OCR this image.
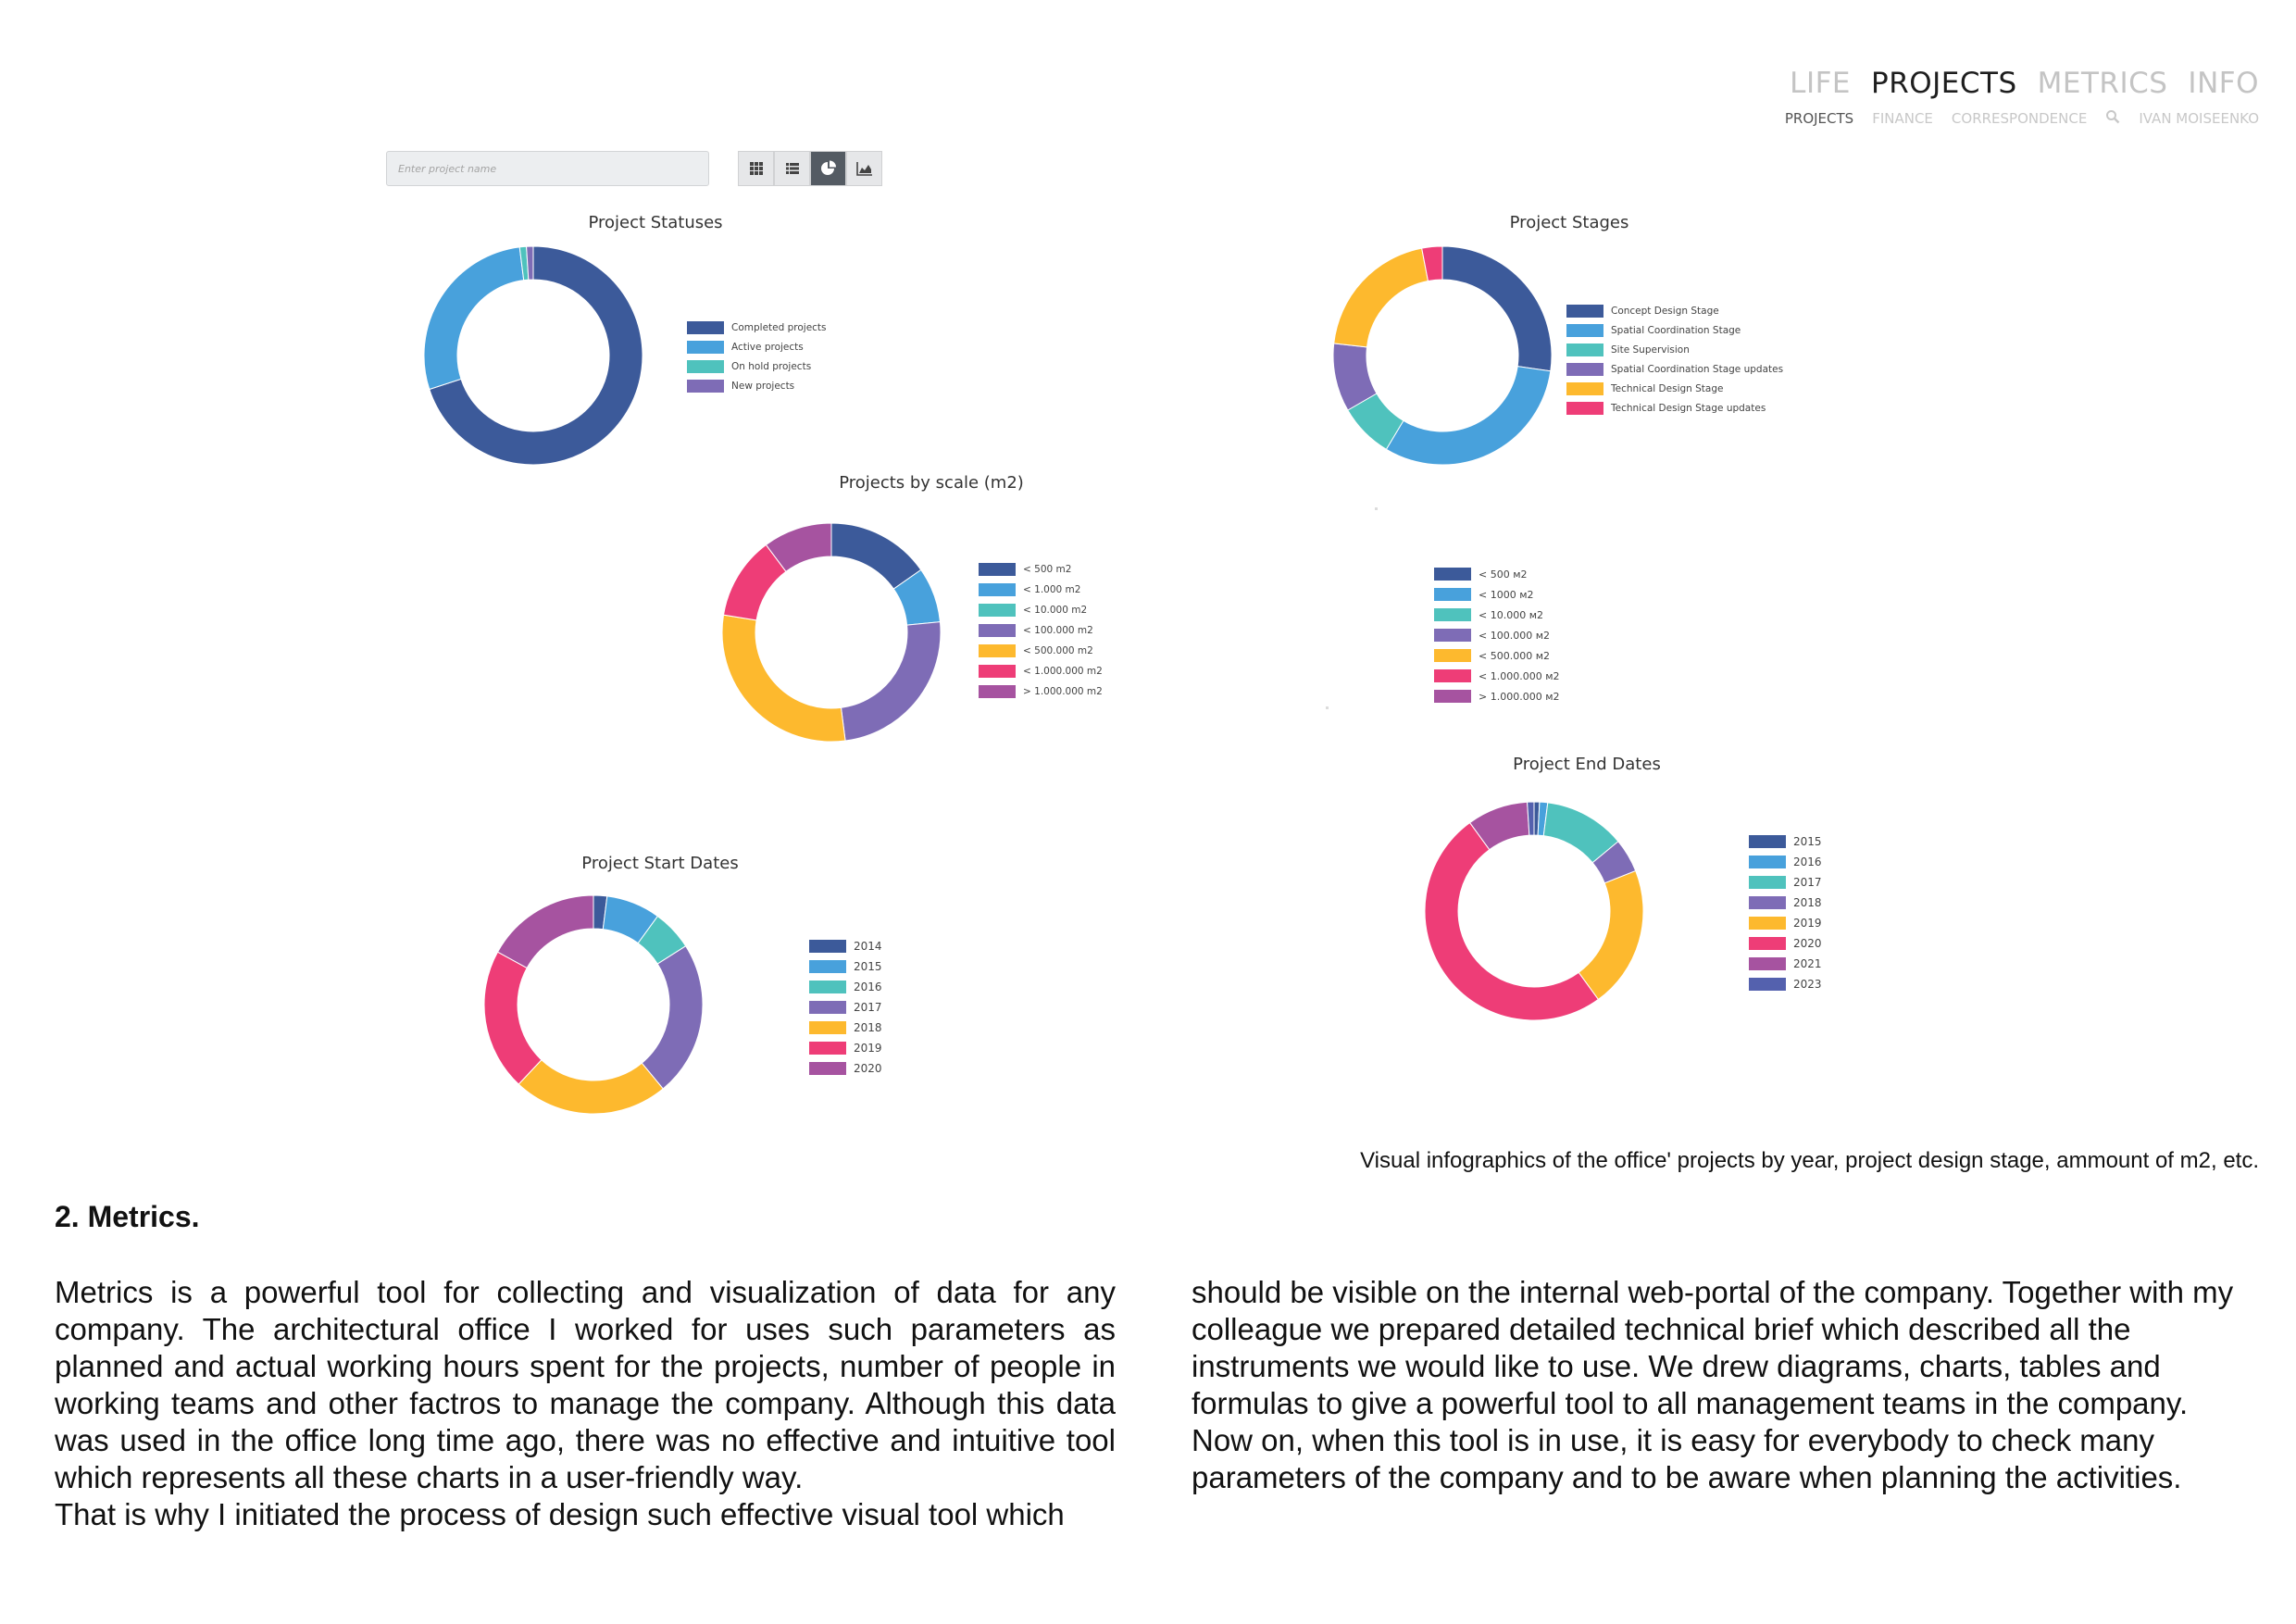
LIFE PROJECTS METRICS INFO
PROJECTS FINANCE CORRESPONDENCE	IVAN MOISEENKO
Enter project name
Project Statuses
Completed projects
Active projects
On hold projects
New projects
Project Stages
Concept Design Stage
Spatial Coordination Stage
Site Supervision
Spatial Coordination Stage updates
Technical Design Stage
Technical Design Stage updates
Projects by scale (m2)
< 500 m2
< 1.000 m2
< 10.000 m2
< 100.000 m2
< 500.000 m2
< 1.000.000 m2
> 1.000.000 m2
< 500 м2
< 1000 м2
< 10.000 м2
< 100.000 м2
< 500.000 м2
< 1.000.000 м2
> 1.000.000 м2
Project End Dates
2015
2016
2017
2018
2019
2020
2021
2023
Project Start Dates
2014
2015
2016
2017
2018
2019
2020
Visual infographics of the office' projects by year, project design stage, ammount of m2, etc.
2. Metrics.

Metrics is a powerful tool for collecting and visualization of data for any company. The architectural office I worked for uses such parameters as planned and actual working hours spent for the projects, number of people in working teams and other factros to manage the company. Although this data was used in the office long time ago, there was no effective and intuitive tool which represents all these charts in a user-friendly way.

That is why I initiated the process of design such effective visual tool which

should be visible on the internal web-portal of the company. Together with my colleague we prepared detailed technical brief which described all the instruments we would like to use. We drew diagrams, charts, tables and formulas to give a powerful tool to all management teams in the company. Now on, when this tool is in use, it is easy for everybody to check many parameters of the company and to be aware when planning the activities.
